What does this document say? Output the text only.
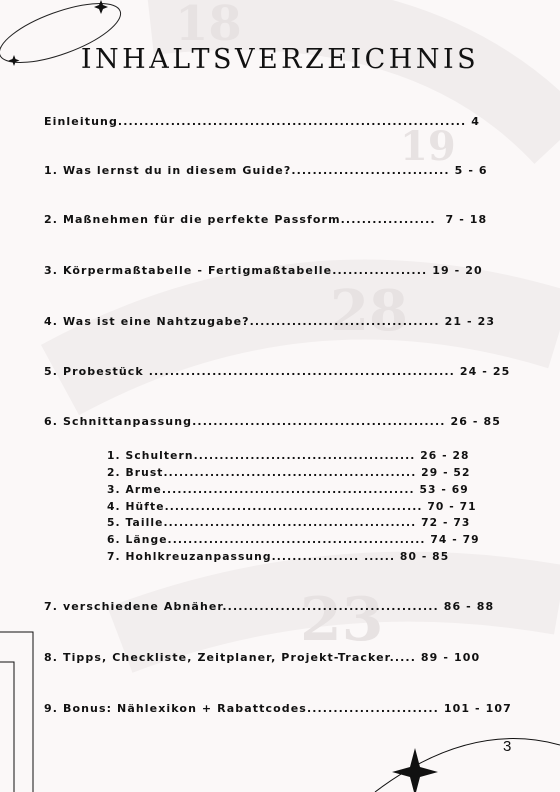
18
19
28
23
INHALTSVERZEICHNIS
Einleitung.................................................................. 4
1. Was lernst du in diesem Guide?.............................. 5 - 6
2. Maßnehmen für die perfekte Passform..................  7 - 18
3. Körpermaßtabelle - Fertigmaßtabelle.................. 19 - 20
4. Was ist eine Nahtzugabe?.................................... 21 - 23
5. Probestück .......................................................... 24 - 25
6. Schnittanpassung................................................ 26 - 85
1. Schultern........................................... 26 - 28
2. Brust................................................. 29 - 52
3. Arme................................................. 53 - 69
4. Hüfte.................................................. 70 - 71
5. Taille................................................. 72 - 73
6. Länge.................................................. 74 - 79
7. Hohlkreuzanpassung................. ...... 80 - 85
7. verschiedene Abnäher......................................... 86 - 88
8. Tipps, Checkliste, Zeitplaner, Projekt-Tracker..... 89 - 100
9. Bonus: Nählexikon + Rabattcodes......................... 101 - 107
3
